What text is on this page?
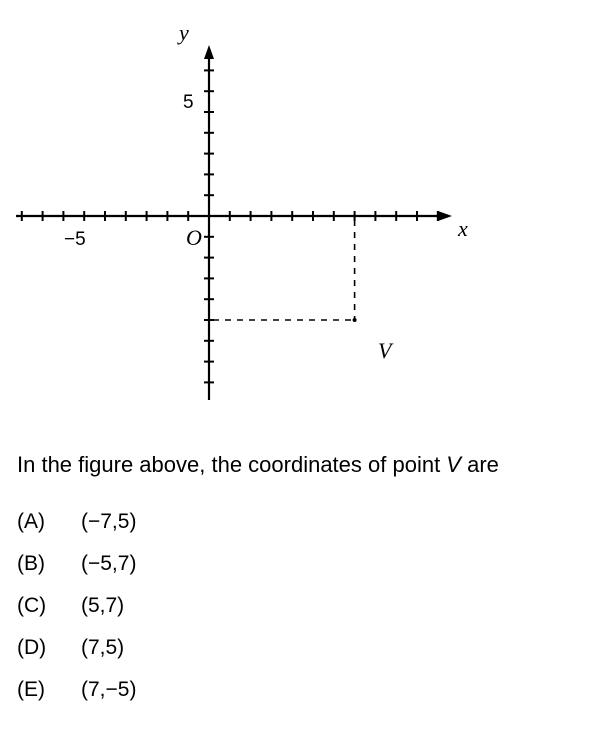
x
y
O
−5
5
V
In the figure above, the coordinates of point V are
(A)	(−7,5)
(B)	(−5,7)
(C)	(5,7)
(D)	(7,5)
(E)	(7,−5)
